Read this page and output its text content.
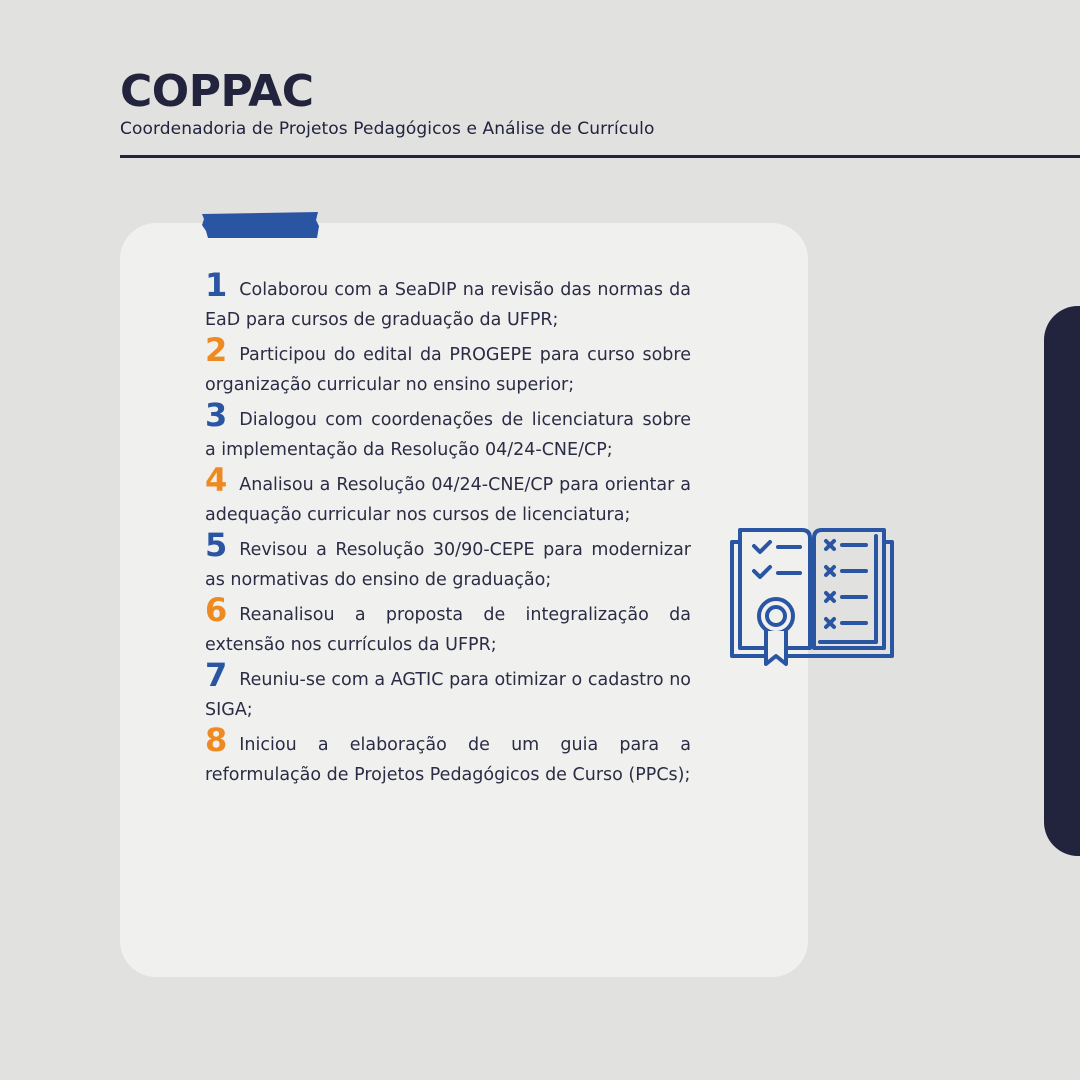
COPPAC
Coordenadoria de Projetos Pedagógicos e Análise de Currículo

1 Colaborou com a SeaDIP na revisão das normas da EaD para cursos de graduação da UFPR;

2 Participou do edital da PROGEPE para curso sobre organização curricular no ensino superior;

3 Dialogou com coordenações de licenciatura sobre a implementação da Resolução 04/24-CNE/CP;

4 Analisou a Resolução 04/24-CNE/CP para orientar a adequação curricular nos cursos de licenciatura;

5 Revisou a Resolução 30/90-CEPE para modernizar as normativas do ensino de graduação;

6 Reanalisou a proposta de integralização da extensão nos currículos da UFPR;

7 Reuniu-se com a AGTIC para otimizar o cadastro no SIGA;

8 Iniciou a elaboração de um guia para a reformulação de Projetos Pedagógicos de Curso (PPCs);
